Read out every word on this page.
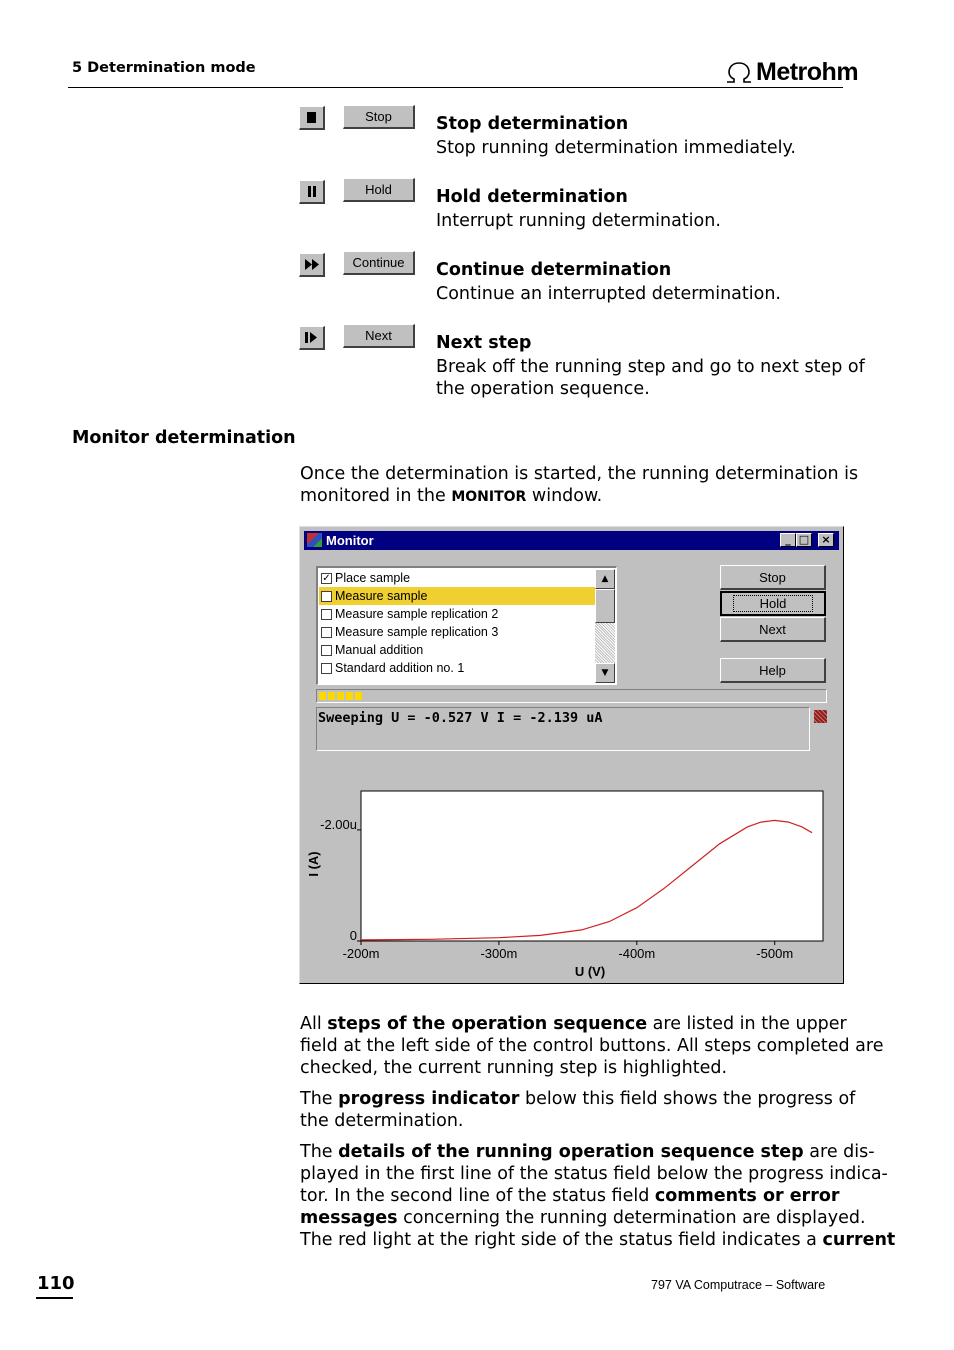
5 Determination mode	Metrohm
Stop	Stop determination
Stop running determination immediately.
Hold	Hold determination
Interrupt running determination.
Continue	Continue determination
Continue an interrupted determination.
Next	Next step
Break off the running step and go to next step of
the operation sequence.
Monitor determination
Once the determination is started, the running determination is
monitored in the MONITOR window.
Monitor	_ □	×
✓ Place sample
Measure sample
Measure sample replication 2
Measure sample replication 3
Manual addition
Standard addition no. 1
▲
▼
Stop
Hold
Next
Help
Sweeping U = -0.527 V I = -2.139 uA
-200m	-300m	-400m	-500m
0
-2.00u
I (A)
U (V)
All steps of the operation sequence are listed in the upper
field at the left side of the control buttons. All steps completed are
checked, the current running step is highlighted.
The progress indicator below this field shows the progress of
the determination.
The details of the running operation sequence step are dis-
played in the first line of the status field below the progress indica-
tor. In the second line of the status field comments or error
messages concerning the running determination are displayed.
The red light at the right side of the status field indicates a current
110	797 VA Computrace – Software
